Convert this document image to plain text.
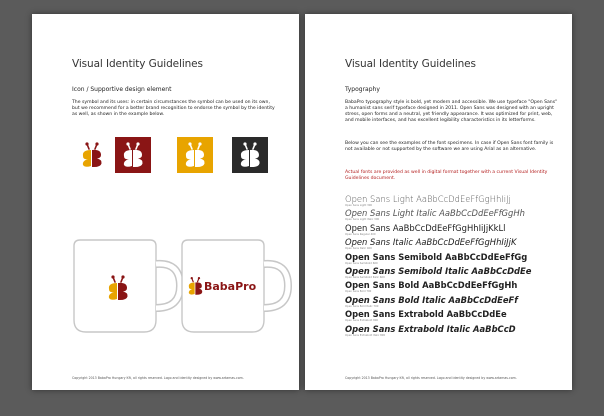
Visual Identity Guidelines
Icon / Supportive design element

The symbol and its uses: in certain circumstances the symbol can be used on its own, but we recommend for a better brand recognition to endorse the symbol by the identity as well, as shown in the example below.

BabaPro
Copyright 2013 BabaPro Hungary Kft, all rights reserved. Logo and identity designed by www.artamas.com.
Visual Identity Guidelines
Typography

BabaPro typography style is bold, yet modern and accessible. We use typeface "Open Sans" a humanist sans serif typeface designed in 2011. Open Sans was designed with an upright stress, open forms and a neutral, yet friendly appearance. It was optimized for print, web, and mobile interfaces, and has excellent legibility characteristics in its letterforms.

Below you can see the examples of the font specimens. In case if Open Sans font family is not available or not supported by the software we are using Arial as an alternative.

Actual fonts are provided as well in digital format together with a current Visual Identity Guidelines document.

Open Sans Light AaBbCcDdEeFfGgHhIiJj
Open Sans Light 300
Open Sans Light Italic AaBbCcDdEeFfGgHh
Open Sans Light Italic 300
Open Sans AaBbCcDdEeFfGgHhIiJjKkLl
Open Sans Regular 400
Open Sans Italic AaBbCcDdEeFfGgHhIiJjK
Open Sans Italic 400
Open Sans Semibold AaBbCcDdEeFfGg
Open Sans Semibold 600
Open Sans Semibold Italic AaBbCcDdEe
Open Sans Semibold Italic 600
Open Sans Bold AaBbCcDdEeFfGgHh
Open Sans Bold 700
Open Sans Bold Italic AaBbCcDdEeFf
Open Sans Bold Italic 700
Open Sans Extrabold AaBbCcDdEe
Open Sans Extrabold 800
Open Sans Extrabold Italic AaBbCcD
Open Sans Extrabold Italic 800
Copyright 2013 BabaPro Hungary Kft, all rights reserved. Logo and identity designed by www.artamas.com.
